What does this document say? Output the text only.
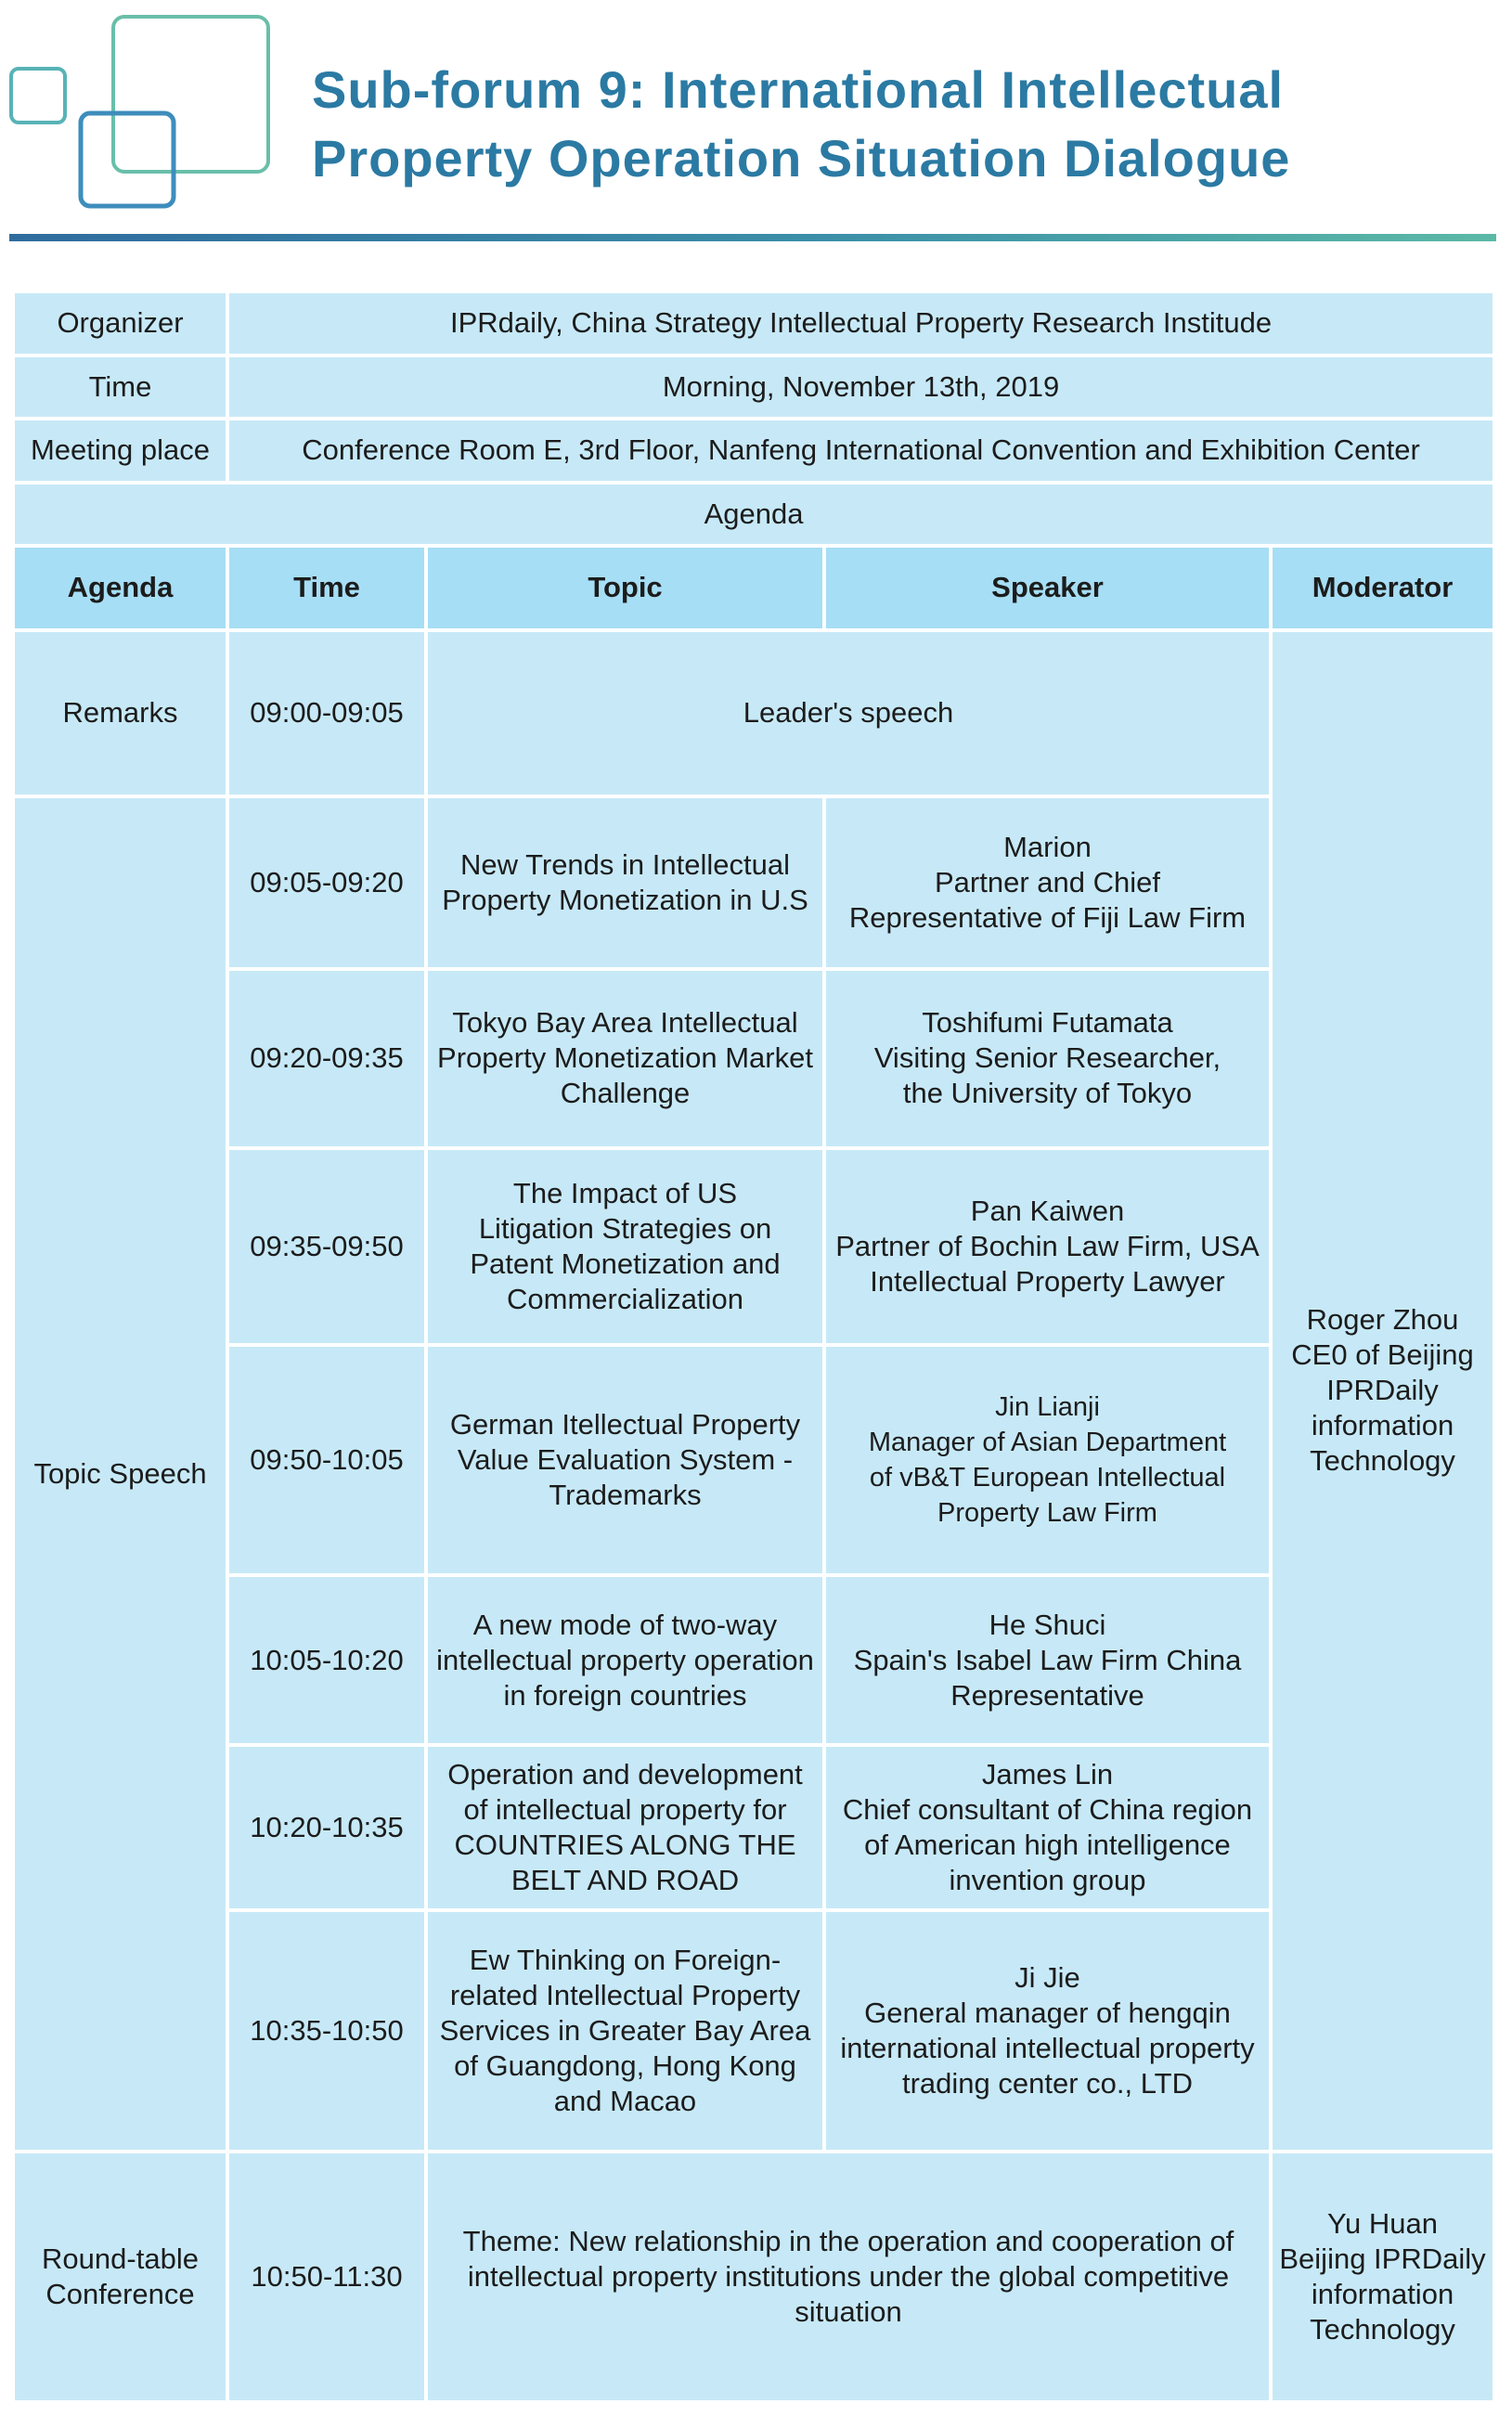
Sub-forum 9: International Intellectual
Property Operation Situation Dialogue
Organizer	IPRdaily, China Strategy Intellectual Property Research Institude			
Time	Morning, November 13th, 2019			
Meeting place	Conference Room E, 3rd Floor, Nanfeng International Convention and Exhibition Center			
Agenda				
Agenda	Time	Topic	Speaker	Moderator
Remarks	09:00-09:05	Leader's speech		Roger Zhou
CE0 of Beijing
IPRDaily
information
Technology

Topic Speech	09:05-09:20	New Trends in Intellectual
Property Monetization in U.S	Marion
Partner and Chief
Representative of Fiji Law Firm	

	09:20-09:35	Tokyo Bay Area Intellectual
Property Monetization Market
Challenge	Toshifumi Futamata
Visiting Senior Researcher,
the University of Tokyo	

	09:35-09:50	The Impact of US
Litigation Strategies on
Patent Monetization and
Commercialization	Pan Kaiwen
Partner of Bochin Law Firm, USA
Intellectual Property Lawyer	

	09:50-10:05	German Itellectual Property
Value Evaluation System -
Trademarks	Jin Lianji
Manager of Asian Department
of vB&T European Intellectual
Property Law Firm	

	10:05-10:20	A new mode of two-way
intellectual property operation
in foreign countries	He Shuci
Spain's Isabel Law Firm China
Representative	

	10:20-10:35	Operation and development
of intellectual property for
COUNTRIES ALONG THE
BELT AND ROAD	James Lin
Chief consultant of China region
of American high intelligence
invention group	

	10:35-10:50	Ew Thinking on Foreign-
related Intellectual Property
Services in Greater Bay Area
of Guangdong, Hong Kong
and Macao	Ji Jie
General manager of hengqin
international intellectual property
trading center co., LTD	

Round-table
Conference	10:50-11:30	Theme: New relationship in the operation and cooperation of
intellectual property institutions under the global competitive
situation		Yu Huan
Beijing IPRDaily
information
Technology
